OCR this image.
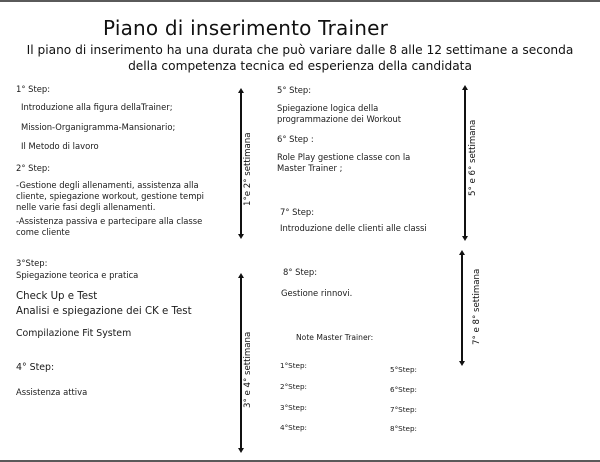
Piano di inserimento Trainer
Il piano di inserimento ha una durata che può variare dalle 8 alle 12 settimane a seconda
della competenza tecnica ed esperienza della candidata
1° Step:
Introduzione alla figura dellaTrainer;
Mission-Organigramma-Mansionario;
Il Metodo di lavoro
2° Step:
-Gestione degli allenamenti, assistenza alla cliente, spiegazione workout, gestione tempi nelle varie fasi degli allenamenti.
-Assistenza passiva e partecipare alla classe come cliente
3°Step:
Spiegazione teorica e pratica
Check Up e Test
Analisi e spiegazione dei CK e Test
Compilazione Fit System
4° Step:
Assistenza attiva
1°e 2° settimana
3° e 4° settimana
5° Step:
Spiegazione logica della programmazione dei Workout
6° Step :
Role Play gestione classe con la Master Trainer ;
7° Step:
Introduzione delle clienti alle classi
8° Step:
Gestione rinnovi.
5° e 6° settimana
7° e 8° settimana
Note Master Trainer:
1°Step:
2°Step:
3°Step:
4°Step:
5°Step:
6°Step:
7°Step:
8°Step:
